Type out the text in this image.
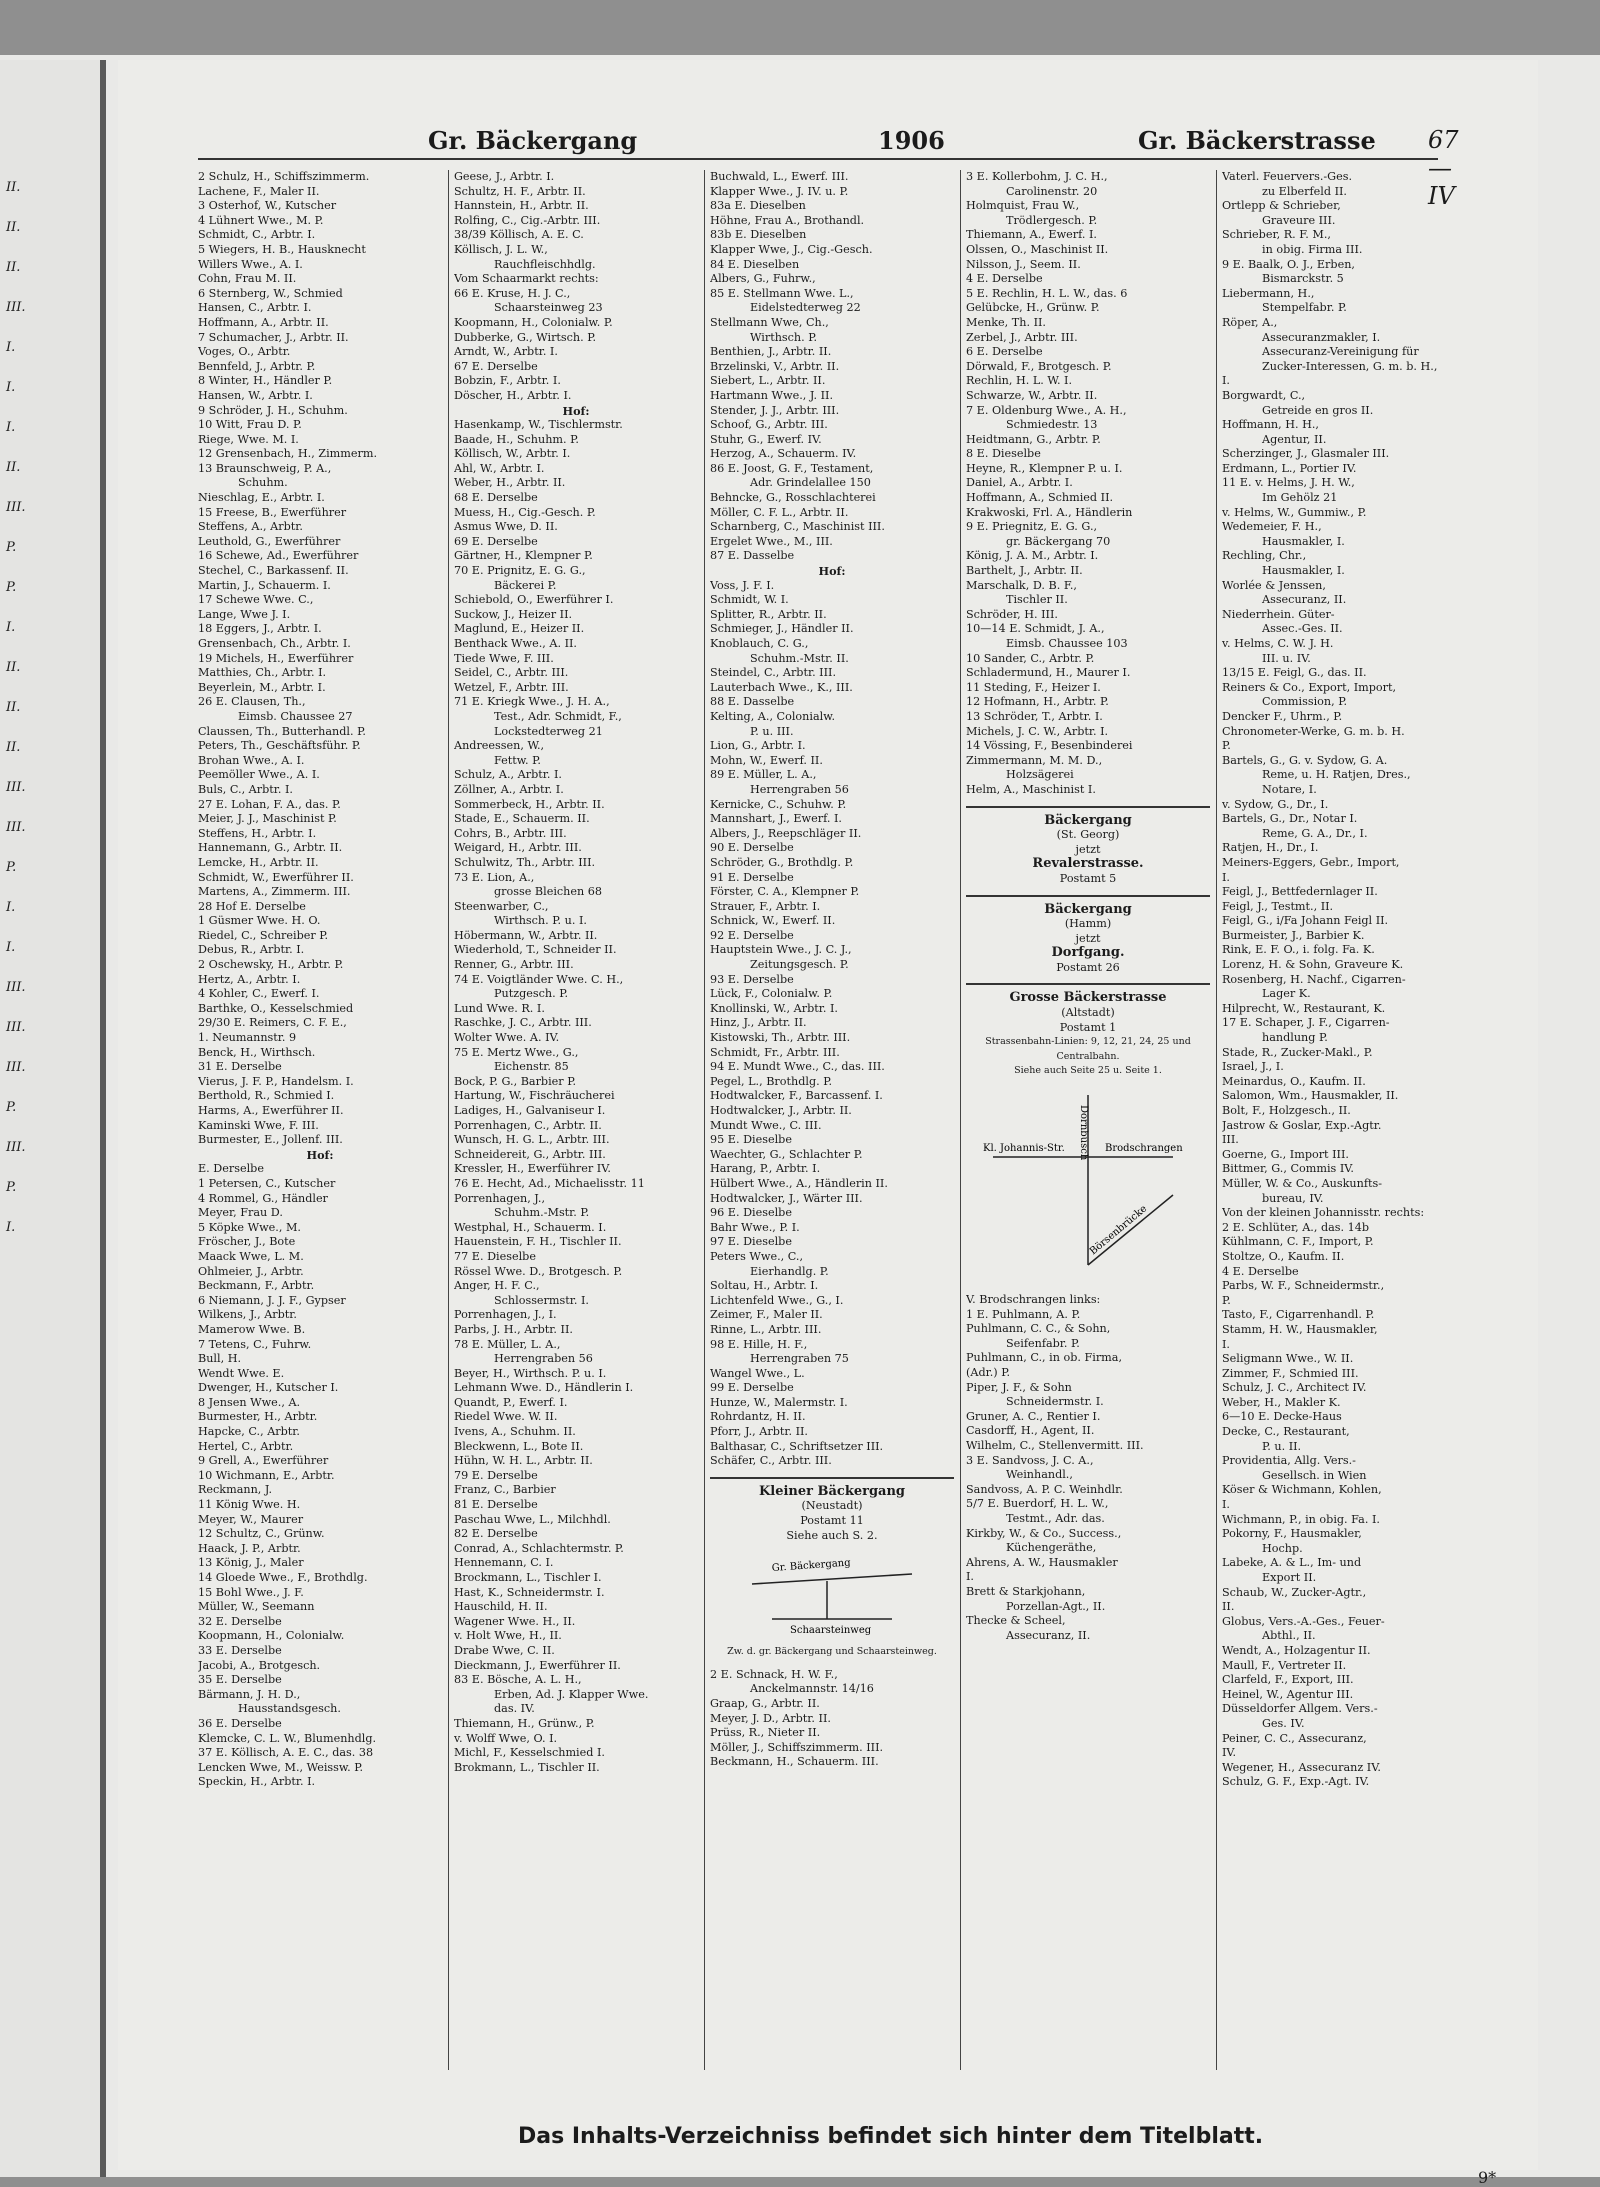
II.
II.
II.
III.
I.
I.
I.
II.
III.
P.
P.
I.
II.
II.
II.
III.
III.
P.
I.
I.
III.
III.
III.
P.
III.
P.
I.
Gr. Bäckergang	1906	Gr. Bäckerstrasse 67—IV
2 Schulz, H., Schiffszimmerm.
Lachene, F., Maler II.
3 Osterhof, W., Kutscher
4 Lühnert Wwe., M. P.
Schmidt, C., Arbtr. I.
5 Wiegers, H. B., Hausknecht
Willers Wwe., A. I.
Cohn, Frau M. II.
6 Sternberg, W., Schmied
Hansen, C., Arbtr. I.
Hoffmann, A., Arbtr. II.
7 Schumacher, J., Arbtr. II.
Voges, O., Arbtr.
Bennfeld, J., Arbtr. P.
8 Winter, H., Händler P.
Hansen, W., Arbtr. I.
9 Schröder, J. H., Schuhm.
10 Witt, Frau D. P.
Riege, Wwe. M. I.
12 Grensenbach, H., Zimmerm.
13 Braunschweig, P. A.,
Schuhm.
Nieschlag, E., Arbtr. I.
15 Freese, B., Ewerführer
Steffens, A., Arbtr.
Leuthold, G., Ewerführer
16 Schewe, Ad., Ewerführer
Stechel, C., Barkassenf. II.
Martin, J., Schauerm. I.
17 Schewe Wwe. C.,
Lange, Wwe J. I.
18 Eggers, J., Arbtr. I.
Grensenbach, Ch., Arbtr. I.
19 Michels, H., Ewerführer
Matthies, Ch., Arbtr. I.
Beyerlein, M., Arbtr. I.
26 E. Clausen, Th.,
Eimsb. Chaussee 27
Claussen, Th., Butterhandl. P.
Peters, Th., Geschäftsführ. P.
Brohan Wwe., A. I.
Peemöller Wwe., A. I.
Buls, C., Arbtr. I.
27 E. Lohan, F. A., das. P.
Meier, J. J., Maschinist P.
Steffens, H., Arbtr. I.
Hannemann, G., Arbtr. II.
Lemcke, H., Arbtr. II.
Schmidt, W., Ewerführer II.
Martens, A., Zimmerm. III.
28 Hof E. Derselbe
1 Güsmer Wwe. H. O.
Riedel, C., Schreiber P.
Debus, R., Arbtr. I.
2 Oschewsky, H., Arbtr. P.
Hertz, A., Arbtr. I.
4 Kohler, C., Ewerf. I.
Barthke, O., Kesselschmied
29/30 E. Reimers, C. F. E.,
1. Neumannstr. 9
Benck, H., Wirthsch.
31 E. Derselbe
Vierus, J. F. P., Handelsm. I.
Berthold, R., Schmied I.
Harms, A., Ewerführer II.
Kaminski Wwe, F. III.
Burmester, E., Jollenf. III.
Hof:
E. Derselbe
1 Petersen, C., Kutscher
4 Rommel, G., Händler
Meyer, Frau D.
5 Köpke Wwe., M.
Fröscher, J., Bote
Maack Wwe, L. M.
Ohlmeier, J., Arbtr.
Beckmann, F., Arbtr.
6 Niemann, J. J. F., Gypser
Wilkens, J., Arbtr.
Mamerow Wwe. B.
7 Tetens, C., Fuhrw.
Bull, H.
Wendt Wwe. E.
Dwenger, H., Kutscher I.
8 Jensen Wwe., A.
Burmester, H., Arbtr.
Hapcke, C., Arbtr.
Hertel, C., Arbtr.
9 Grell, A., Ewerführer
10 Wichmann, E., Arbtr.
Reckmann, J.
11 König Wwe. H.
Meyer, W., Maurer
12 Schultz, C., Grünw.
Haack, J. P., Arbtr.
13 König, J., Maler
14 Gloede Wwe., F., Brothdlg.
15 Bohl Wwe., J. F.
Müller, W., Seemann
32 E. Derselbe
Koopmann, H., Colonialw.
33 E. Derselbe
Jacobi, A., Brotgesch.
35 E. Derselbe
Bärmann, J. H. D.,
Hausstandsgesch.
36 E. Derselbe
Klemcke, C. L. W., Blumenhdlg.
37 E. Köllisch, A. E. C., das. 38
Lencken Wwe, M., Weissw. P.
Speckin, H., Arbtr. I.
Geese, J., Arbtr. I.
Schultz, H. F., Arbtr. II.
Hannstein, H., Arbtr. II.
Rolfing, C., Cig.-Arbtr. III.
38/39 Köllisch, A. E. C.
Köllisch, J. L. W.,
Rauchfleischhdlg.
Vom Schaarmarkt rechts:
66 E. Kruse, H. J. C.,
Schaarsteinweg 23
Koopmann, H., Colonialw. P.
Dubberke, G., Wirtsch. P.
Arndt, W., Arbtr. I.
67 E. Derselbe
Bobzin, F., Arbtr. I.
Döscher, H., Arbtr. I.
Hof:
Hasenkamp, W., Tischlermstr.
Baade, H., Schuhm. P.
Köllisch, W., Arbtr. I.
Ahl, W., Arbtr. I.
Weber, H., Arbtr. II.
68 E. Derselbe
Muess, H., Cig.-Gesch. P.
Asmus Wwe, D. II.
69 E. Derselbe
Gärtner, H., Klempner P.
70 E. Prignitz, E. G. G.,
Bäckerei P.
Schiebold, O., Ewerführer I.
Suckow, J., Heizer II.
Maglund, E., Heizer II.
Benthack Wwe., A. II.
Tiede Wwe, F. III.
Seidel, C., Arbtr. III.
Wetzel, F., Arbtr. III.
71 E. Kriegk Wwe., J. H. A.,
Test., Adr. Schmidt, F.,
Lockstedterweg 21
Andreessen, W.,
Fettw. P.
Schulz, A., Arbtr. I.
Zöllner, A., Arbtr. I.
Sommerbeck, H., Arbtr. II.
Stade, E., Schauerm. II.
Cohrs, B., Arbtr. III.
Weigard, H., Arbtr. III.
Schulwitz, Th., Arbtr. III.
73 E. Lion, A.,
grosse Bleichen 68
Steenwarber, C.,
Wirthsch. P. u. I.
Höbermann, W., Arbtr. II.
Wiederhold, T., Schneider II.
Renner, G., Arbtr. III.
74 E. Voigtländer Wwe. C. H.,
Putzgesch. P.
Lund Wwe. R. I.
Raschke, J. C., Arbtr. III.
Wolter Wwe. A. IV.
75 E. Mertz Wwe., G.,
Eichenstr. 85
Bock, P. G., Barbier P.
Hartung, W., Fischräucherei
Ladiges, H., Galvaniseur I.
Porrenhagen, C., Arbtr. II.
Wunsch, H. G. L., Arbtr. III.
Schneidereit, G., Arbtr. III.
Kressler, H., Ewerführer IV.
76 E. Hecht, Ad., Michaelisstr. 11
Porrenhagen, J.,
Schuhm.-Mstr. P.
Westphal, H., Schauerm. I.
Hauenstein, F. H., Tischler II.
77 E. Dieselbe
Rössel Wwe. D., Brotgesch. P.
Anger, H. F. C.,
Schlossermstr. I.
Porrenhagen, J., I.
Parbs, J. H., Arbtr. II.
78 E. Müller, L. A.,
Herrengraben 56
Beyer, H., Wirthsch. P. u. I.
Lehmann Wwe. D., Händlerin I.
Quandt, P., Ewerf. I.
Riedel Wwe. W. II.
Ivens, A., Schuhm. II.
Bleckwenn, L., Bote II.
Hühn, W. H. L., Arbtr. II.
79 E. Derselbe
Franz, C., Barbier
81 E. Derselbe
Paschau Wwe, L., Milchhdl.
82 E. Derselbe
Conrad, A., Schlachtermstr. P.
Hennemann, C. I.
Brockmann, L., Tischler I.
Hast, K., Schneidermstr. I.
Hauschild, H. II.
Wagener Wwe. H., II.
v. Holt Wwe, H., II.
Drabe Wwe, C. II.
Dieckmann, J., Ewerführer II.
83 E. Bösche, A. L. H.,
Erben, Ad. J. Klapper Wwe.
das. IV.
Thiemann, H., Grünw., P.
v. Wolff Wwe, O. I.
Michl, F., Kesselschmied I.
Brokmann, L., Tischler II.
Buchwald, L., Ewerf. III.
Klapper Wwe., J. IV. u. P.
83a E. Dieselben
Höhne, Frau A., Brothandl.
83b E. Dieselben
Klapper Wwe, J., Cig.-Gesch.
84 E. Dieselben
Albers, G., Fuhrw.,
85 E. Stellmann Wwe. L.,
Eidelstedterweg 22
Stellmann Wwe, Ch.,
Wirthsch. P.
Benthien, J., Arbtr. II.
Brzelinski, V., Arbtr. II.
Siebert, L., Arbtr. II.
Hartmann Wwe., J. II.
Stender, J. J., Arbtr. III.
Schoof, G., Arbtr. III.
Stuhr, G., Ewerf. IV.
Herzog, A., Schauerm. IV.
86 E. Joost, G. F., Testament,
Adr. Grindelallee 150
Behncke, G., Rosschlachterei
Möller, C. F. L., Arbtr. II.
Scharnberg, C., Maschinist III.
Ergelet Wwe., M., III.
87 E. Dasselbe
Hof:
Voss, J. F. I.
Schmidt, W. I.
Splitter, R., Arbtr. II.
Schmieger, J., Händler II.
Knoblauch, C. G.,
Schuhm.-Mstr. II.
Steindel, C., Arbtr. III.
Lauterbach Wwe., K., III.
88 E. Dasselbe
Kelting, A., Colonialw.
P. u. III.
Lion, G., Arbtr. I.
Mohn, W., Ewerf. II.
89 E. Müller, L. A.,
Herrengraben 56
Kernicke, C., Schuhw. P.
Mannshart, J., Ewerf. I.
Albers, J., Reepschläger II.
90 E. Derselbe
Schröder, G., Brothdlg. P.
91 E. Derselbe
Förster, C. A., Klempner P.
Strauer, F., Arbtr. I.
Schnick, W., Ewerf. II.
92 E. Derselbe
Hauptstein Wwe., J. C. J.,
Zeitungsgesch. P.
93 E. Derselbe
Lück, F., Colonialw. P.
Knollinski, W., Arbtr. I.
Hinz, J., Arbtr. II.
Kistowski, Th., Arbtr. III.
Schmidt, Fr., Arbtr. III.
94 E. Mundt Wwe., C., das. III.
Pegel, L., Brothdlg. P.
Hodtwalcker, F., Barcassenf. I.
Hodtwalcker, J., Arbtr. II.
Mundt Wwe., C. III.
95 E. Dieselbe
Waechter, G., Schlachter P.
Harang, P., Arbtr. I.
Hülbert Wwe., A., Händlerin II.
Hodtwalcker, J., Wärter III.
96 E. Dieselbe
Bahr Wwe., P. I.
97 E. Dieselbe
Peters Wwe., C.,
Eierhandlg. P.
Soltau, H., Arbtr. I.
Lichtenfeld Wwe., G., I.
Zeimer, F., Maler II.
Rinne, L., Arbtr. III.
98 E. Hille, H. F.,
Herrengraben 75
Wangel Wwe., L.
99 E. Derselbe
Hunze, W., Malermstr. I.
Rohrdantz, H. II.
Pforr, J., Arbtr. II.
Balthasar, C., Schriftsetzer III.
Schäfer, C., Arbtr. III.
Kleiner Bäckergang
(Neustadt)
Postamt 11
Siehe auch S. 2.
Gr. Bäckergang
Schaarsteinweg
Zw. d. gr. Bäckergang und Schaarsteinweg.
2 E. Schnack, H. W. F.,
Anckelmannstr. 14/16
Graap, G., Arbtr. II.
Meyer, J. D., Arbtr. II.
Prüss, R., Nieter II.
Möller, J., Schiffszimmerm. III.
Beckmann, H., Schauerm. III.
3 E. Kollerbohm, J. C. H.,
Carolinenstr. 20
Holmquist, Frau W.,
Trödlergesch. P.
Thiemann, A., Ewerf. I.
Olssen, O., Maschinist II.
Nilsson, J., Seem. II.
4 E. Derselbe
5 E. Rechlin, H. L. W., das. 6
Gelübcke, H., Grünw. P.
Menke, Th. II.
Zerbel, J., Arbtr. III.
6 E. Derselbe
Dörwald, F., Brotgesch. P.
Rechlin, H. L. W. I.
Schwarze, W., Arbtr. II.
7 E. Oldenburg Wwe., A. H.,
Schmiedestr. 13
Heidtmann, G., Arbtr. P.
8 E. Dieselbe
Heyne, R., Klempner P. u. I.
Daniel, A., Arbtr. I.
Hoffmann, A., Schmied II.
Krakwoski, Frl. A., Händlerin
9 E. Priegnitz, E. G. G.,
gr. Bäckergang 70
König, J. A. M., Arbtr. I.
Barthelt, J., Arbtr. II.
Marschalk, D. B. F.,
Tischler II.
Schröder, H. III.
10—14 E. Schmidt, J. A.,
Eimsb. Chaussee 103
10 Sander, C., Arbtr. P.
Schladermund, H., Maurer I.
11 Steding, F., Heizer I.
12 Hofmann, H., Arbtr. P.
13 Schröder, T., Arbtr. I.
Michels, J. C. W., Arbtr. I.
14 Vössing, F., Besenbinderei
Zimmermann, M. M. D.,
Holzsägerei
Helm, A., Maschinist I.
Bäckergang
(St. Georg)
jetzt
Revalerstrasse.
Postamt 5
Bäckergang
(Hamm)
jetzt
Dorfgang.
Postamt 26
Grosse Bäckerstrasse
(Altstadt)
Postamt 1
Strassenbahn-Linien: 9, 12, 21, 24, 25 und Centralbahn.
Siehe auch Seite 25 u. Seite 1.
Dornbusch
Kl. Johannis-Str.	Brodschrangen
Börsenbrücke
V. Brodschrangen links:
1 E. Puhlmann, A. P.
Puhlmann, C. C., & Sohn,
Seifenfabr. P.
Puhlmann, C., in ob. Firma,
(Adr.) P.
Piper, J. F., & Sohn
Schneidermstr. I.
Gruner, A. C., Rentier I.
Casdorff, H., Agent, II.
Wilhelm, C., Stellenvermitt. III.
3 E. Sandvoss, J. C. A.,
Weinhandl.,
Sandvoss, A. P. C. Weinhdlr.
5/7 E. Buerdorf, H. L. W.,
Testmt., Adr. das.
Kirkby, W., & Co., Success.,
Küchengeräthe,
Ahrens, A. W., Hausmakler
I.
Brett & Starkjohann,
Porzellan-Agt., II.
Thecke & Scheel,
Assecuranz, II.
Vaterl. Feuervers.-Ges.
zu Elberfeld II.
Ortlepp & Schrieber,
Graveure III.
Schrieber, R. F. M.,
in obig. Firma III.
9 E. Baalk, O. J., Erben,
Bismarckstr. 5
Liebermann, H.,
Stempelfabr. P.
Röper, A.,
Assecuranzmakler, I.
Assecuranz-Vereinigung für
Zucker-Interessen, G. m. b. H.,
I.
Borgwardt, C.,
Getreide en gros II.
Hoffmann, H. H.,
Agentur, II.
Scherzinger, J., Glasmaler III.
Erdmann, L., Portier IV.
11 E. v. Helms, J. H. W.,
Im Gehölz 21
v. Helms, W., Gummiw., P.
Wedemeier, F. H.,
Hausmakler, I.
Rechling, Chr.,
Hausmakler, I.
Worlée & Jenssen,
Assecuranz, II.
Niederrhein. Güter-
Assec.-Ges. II.
v. Helms, C. W. J. H.
III. u. IV.
13/15 E. Feigl, G., das. II.
Reiners & Co., Export, Import,
Commission, P.
Dencker F., Uhrm., P.
Chronometer-Werke, G. m. b. H.
P.
Bartels, G., G. v. Sydow, G. A.
Reme, u. H. Ratjen, Dres.,
Notare, I.
v. Sydow, G., Dr., I.
Bartels, G., Dr., Notar I.
Reme, G. A., Dr., I.
Ratjen, H., Dr., I.
Meiners-Eggers, Gebr., Import,
I.
Feigl, J., Bettfedernlager II.
Feigl, J., Testmt., II.
Feigl, G., i/Fa Johann Feigl II.
Burmeister, J., Barbier K.
Rink, E. F. O., i. folg. Fa. K.
Lorenz, H. & Sohn, Graveure K.
Rosenberg, H. Nachf., Cigarren-
Lager K.
Hilprecht, W., Restaurant, K.
17 E. Schaper, J. F., Cigarren-
handlung P.
Stade, R., Zucker-Makl., P.
Israel, J., I.
Meinardus, O., Kaufm. II.
Salomon, Wm., Hausmakler, II.
Bolt, F., Holzgesch., II.
Jastrow & Goslar, Exp.-Agtr.
III.
Goerne, G., Import III.
Bittmer, G., Commis IV.
Müller, W. & Co., Auskunfts-
bureau, IV.
Von der kleinen Johannisstr. rechts:
2 E. Schlüter, A., das. 14b
Kühlmann, C. F., Import, P.
Stoltze, O., Kaufm. II.
4 E. Derselbe
Parbs, W. F., Schneidermstr.,
P.
Tasto, F., Cigarrenhandl. P.
Stamm, H. W., Hausmakler,
I.
Seligmann Wwe., W. II.
Zimmer, F., Schmied III.
Schulz, J. C., Architect IV.
Weber, H., Makler K.
6—10 E. Decke-Haus
Decke, C., Restaurant,
P. u. II.
Providentia, Allg. Vers.-
Gesellsch. in Wien
Köser & Wichmann, Kohlen,
I.
Wichmann, P., in obig. Fa. I.
Pokorny, F., Hausmakler,
Hochp.
Labeke, A. & L., Im- und
Export II.
Schaub, W., Zucker-Agtr.,
II.
Globus, Vers.-A.-Ges., Feuer-
Abthl., II.
Wendt, A., Holzagentur II.
Maull, F., Vertreter II.
Clarfeld, F., Export, III.
Heinel, W., Agentur III.
Düsseldorfer Allgem. Vers.-
Ges. IV.
Peiner, C. C., Assecuranz,
IV.
Wegener, H., Assecuranz IV.
Schulz, G. F., Exp.-Agt. IV.
Das Inhalts-Verzeichniss befindet sich hinter dem Titelblatt.
9*
